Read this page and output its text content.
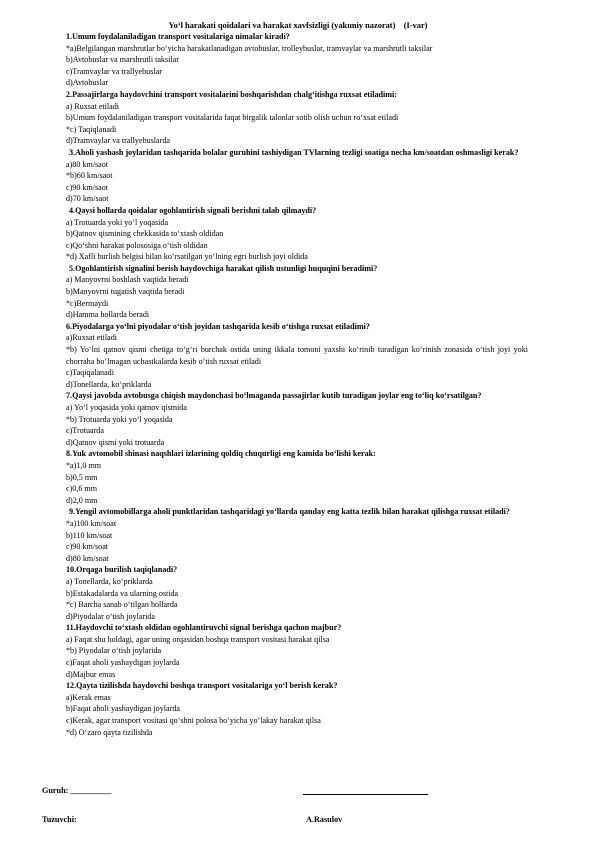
Yo‘l harakati qoidalari va harakat xavfsizligi (yakuniy nazorat)    (I-var)
1.Umum foydalaniladigan transport vositalariga nimalar kiradi?
*a)Belgilangan marshrutlar bo‘yicha harakatlanadigan avtobuslar, trolleybuslar, tramvaylar va marshrutli taksilar
b)Avtobuslar va marshrutli taksilar
c)Tramvaylar va trallyebuslar
d)Avtobuslar
2.Passajirlarga haydovchini transport vositalarini boshqarishdan chalg‘itishga ruxsat etiladimi:
a) Ruxsat etiladi
b)Umum foydalaniladigan transport vositalarida faqat birgalik talonlar sotib olish uchun ro‘xsat etiladi
*c) Taqiqlanadi
d)Tramvaylar va trallyebuslarda
3.Aholi yashash joylaridan tashqarida bolalar guruhini tashiydigan TVlarning tezligi soatiga necha km/soatdan oshmasligi kerak?
a)80 km/saot
*b)60 km/saot
c)90 km/saot
d)70 km/saot
4.Qaysi hollarda qoidalar ogohlantirish signali berishni talab qilmaydi?
a) Trotuarda yoki yo‘l yoqasida
b)Qatnov qismining chekkasida to‘xtash oldidan
c)Qo‘shni harakat polososiga o‘tish oldidan
*d) Xafli burlish belgisi bilan ko‘rsatilgan yo‘lning egri burlish joyi oldida
5.Ogohlantirish signalini berish haydovchiga harakat qilish ustunligi huquqini beradimi?
a) Manyovrni boshlash vaqtida beradi
b)Manyovrni tugatish vaqtida beradi
*c)Bermaydi
d)Hamma hollarda beradi
6.Piyodalarga yo‘lni piyodalar o‘tish joyidan tashqarida kesib o‘tishga ruxsat etiladimi?
a)Ruxsat etiladi
*b) Yo‘lni qatnov qismi chetiga to‘g‘ri burchak ostida uning ikkala tomoni yaxshi ko‘rinib turadigan ko‘rinish zonasida o‘tish joyi yoki chorraha bo‘lmagan uchastkalarda kesib o‘tish ruxsat etiladi
c)Taqiqalanadi
d)Tonellarda, ko‘priklarda
7.Qaysi javobda avtobusga chiqish maydonchasi bo‘lmaganda passajirlar kutib turadigan joylar eng to‘liq ko‘rsatilgan?
a) Yo‘l yoqasida yoki qatnov qismida
*b) Trotuarda yoki yo‘l yoqasida
c)Trotuarda
d)Qatnov qismi yoki trotuarda
8.Yuk avtomobil shinasi naqshlari izlarining qoldiq chuqurligi eng kamida bo‘lishi kerak:
*a)1,0 mm
b)0,5 mm
c)0,6 mm
d)2,0 mm
9.Yengil avtomobillarga aholi punktlaridan tashqaridagi yo‘llarda qanday eng katta tezlik bilan harakat qilishga ruxsat etiladi?
*a)100 km/soat
b)110 km/soat
c)90 km/soat
d)80 km/soat
10.Orqaga burilish taqiqlanadi?
a) Tonellarda, ko‘priklarda
b)Estakadalarda va ularning ostida
*c) Barcha sanab o‘tilgan hollarda
d)Piyodalar o‘tish joylarida
11.Haydovchi to‘xtash oldidan ogohlantiruvchi signal berishga qachon majbur?
a) Faqat shu holdagi, agar uning orqasidan boshqa transport vositasi harakat qilsa
*b) Piyodalar o‘tish joylarida
c)Faqat aholi yashaydigan joylarda
d)Majbur emas
12.Qayta tizilishda haydovchi boshqa transport vositalariga yo‘l berish kerak?
a)Kerak emas
b)Faqat aholi yashaydigan joylarda
c)Kerak, agar transport vositasi qo‘shni polosa bo‘yicha yo‘lakay harakat qilsa
*d) O‘zaro qayta tizilishda
Guruh: __________
Tuzuvchi:	A.Rasulov
